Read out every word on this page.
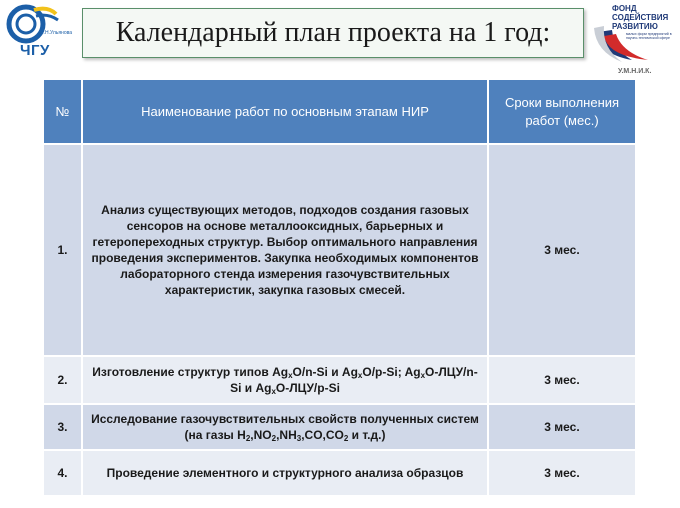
И.Н.Ульянова
ЧГУ
Календарный план проекта на 1 год:
ФОНД
СОДЕЙСТВИЯ
РАЗВИТИЮ
малых форм предприятий в научно-технической сфере
У.М.Н.И.К.
№	Наименование работ по основным этапам НИР	Сроки выполнения работ (мес.)
1.	Анализ существующих методов, подходов создания газовых сенсоров на основе металлооксидных, барьерных и гетеропереходных структур. Выбор оптимального направления проведения экспериментов. Закупка необходимых компонентов лабораторного стенда измерения газочувствительных характеристик, закупка газовых смесей.	3 мес.
2.	Изготовление структур типов $Ag_xO/n-Si$ и $Ag_xO/p-Si$; $Ag_xO-ЛЦУ/n-Si$ и $Ag_xO-ЛЦУ/p-Si$	3 мес.
3.	Исследование газочувствительных свойств полученных систем (на газы $H_2,NO_2,NH_3,CO,CO_2$ и т.д.)	3 мес.
4.	Проведение элементного и структурного анализа образцов	3 мес.
